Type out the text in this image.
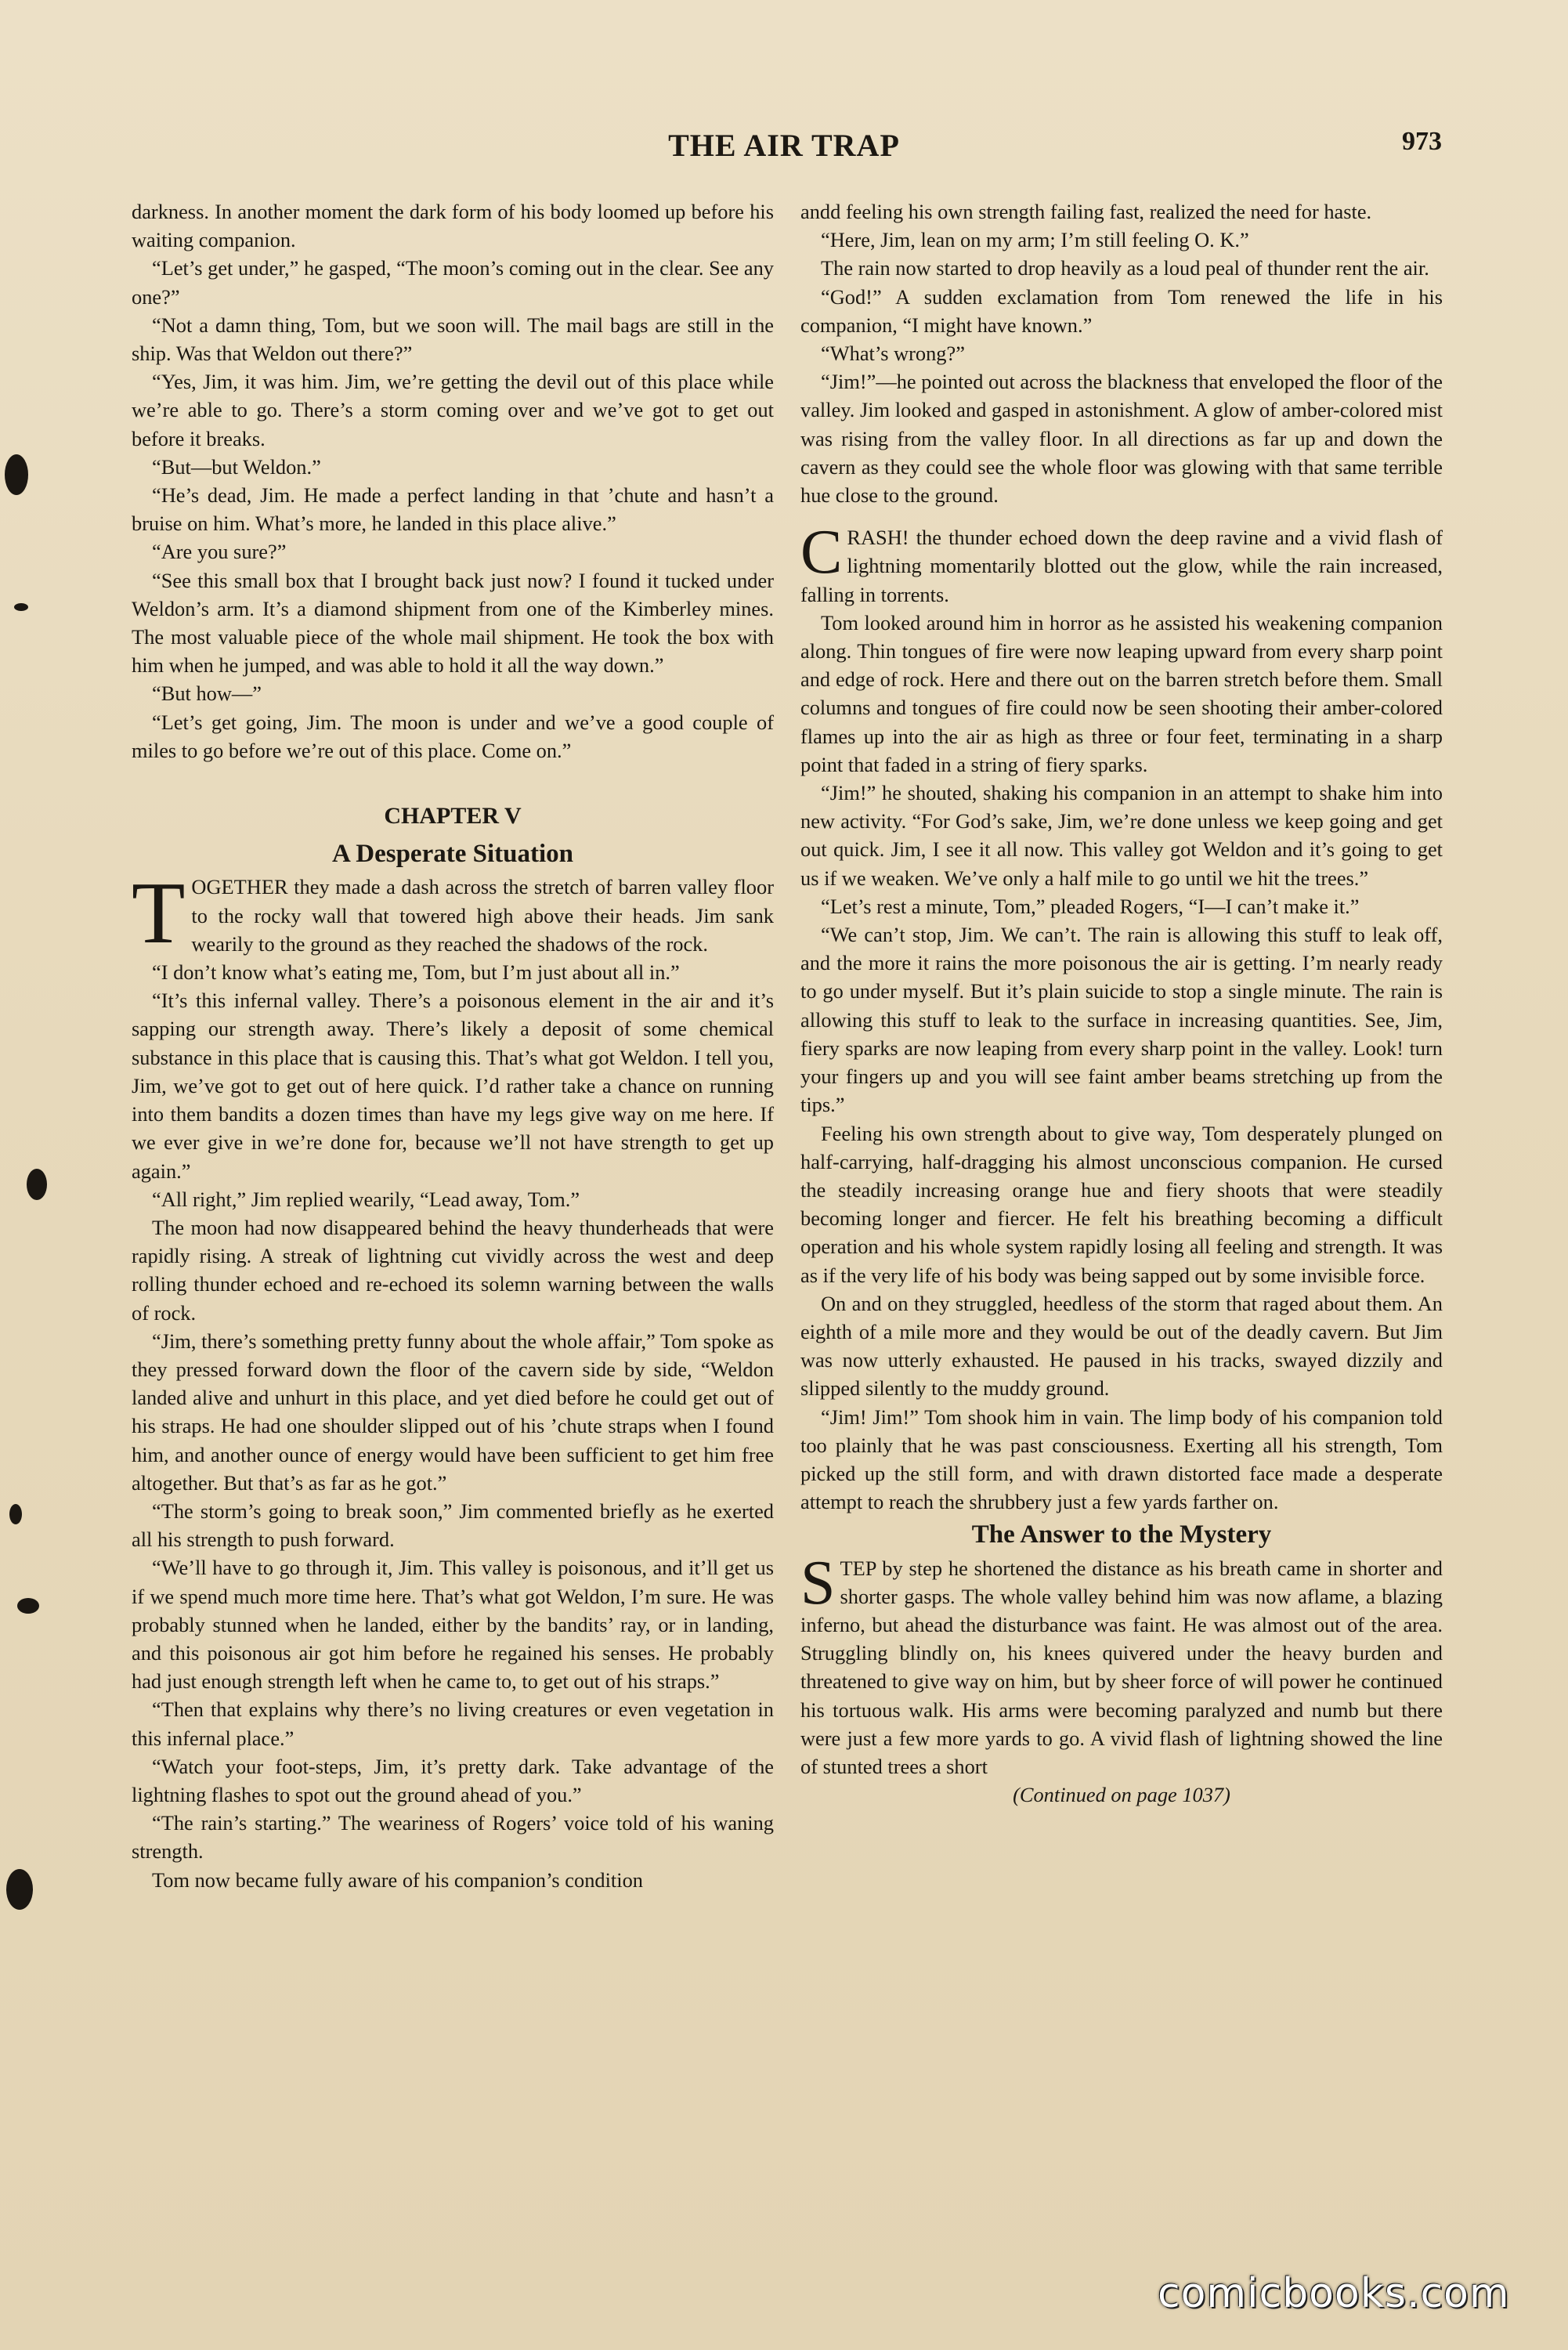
THE AIR TRAP	973

darkness. In another moment the dark form of his body loomed up before his waiting companion.

“Let’s get under,” he gasped, “The moon’s coming out in the clear. See any one?”

“Not a damn thing, Tom, but we soon will. The mail bags are still in the ship. Was that Weldon out there?”

“Yes, Jim, it was him. Jim, we’re getting the devil out of this place while we’re able to go. There’s a storm coming over and we’ve got to get out before it breaks.

“But—but Weldon.”

“He’s dead, Jim. He made a perfect landing in that ’chute and hasn’t a bruise on him. What’s more, he landed in this place alive.”

“Are you sure?”

“See this small box that I brought back just now? I found it tucked under Weldon’s arm. It’s a diamond shipment from one of the Kimberley mines. The most valuable piece of the whole mail shipment. He took the box with him when he jumped, and was able to hold it all the way down.”

“But how—”

“Let’s get going, Jim. The moon is under and we’ve a good couple of miles to go before we’re out of this place. Come on.”

CHAPTER V
A Desperate Situation

TOGETHER they made a dash across the stretch of barren valley floor to the rocky wall that towered high above their heads. Jim sank wearily to the ground as they reached the shadows of the rock.

“I don’t know what’s eating me, Tom, but I’m just about all in.”

“It’s this infernal valley. There’s a poisonous element in the air and it’s sapping our strength away. There’s likely a deposit of some chemical substance in this place that is causing this. That’s what got Weldon. I tell you, Jim, we’ve got to get out of here quick. I’d rather take a chance on running into them bandits a dozen times than have my legs give way on me here. If we ever give in we’re done for, because we’ll not have strength to get up again.”

“All right,” Jim replied wearily, “Lead away, Tom.”

The moon had now disappeared behind the heavy thunderheads that were rapidly rising. A streak of lightning cut vividly across the west and deep rolling thunder echoed and re-echoed its solemn warning between the walls of rock.

“Jim, there’s something pretty funny about the whole affair,” Tom spoke as they pressed forward down the floor of the cavern side by side, “Weldon landed alive and unhurt in this place, and yet died before he could get out of his straps. He had one shoulder slipped out of his ’chute straps when I found him, and another ounce of energy would have been sufficient to get him free altogether. But that’s as far as he got.”

“The storm’s going to break soon,” Jim commented briefly as he exerted all his strength to push forward.

“We’ll have to go through it, Jim. This valley is poisonous, and it’ll get us if we spend much more time here. That’s what got Weldon, I’m sure. He was probably stunned when he landed, either by the bandits’ ray, or in landing, and this poisonous air got him before he regained his senses. He probably had just enough strength left when he came to, to get out of his straps.”

“Then that explains why there’s no living creatures or even vegetation in this infernal place.”

“Watch your foot-steps, Jim, it’s pretty dark. Take advantage of the lightning flashes to spot out the ground ahead of you.”

“The rain’s starting.” The weariness of Rogers’ voice told of his waning strength.

Tom now became fully aware of his companion’s condition

andd feeling his own strength failing fast, realized the need for haste.

“Here, Jim, lean on my arm; I’m still feeling O. K.”

The rain now started to drop heavily as a loud peal of thunder rent the air.

“God!” A sudden exclamation from Tom renewed the life in his companion, “I might have known.”

“What’s wrong?”

“Jim!”—he pointed out across the blackness that enveloped the floor of the valley. Jim looked and gasped in astonishment. A glow of amber-colored mist was rising from the valley floor. In all directions as far up and down the cavern as they could see the whole floor was glowing with that same terrible hue close to the ground.

CRASH! the thunder echoed down the deep ravine and a vivid flash of lightning momentarily blotted out the glow, while the rain increased, falling in torrents.

Tom looked around him in horror as he assisted his weakening companion along. Thin tongues of fire were now leaping upward from every sharp point and edge of rock. Here and there out on the barren stretch before them. Small columns and tongues of fire could now be seen shooting their amber-colored flames up into the air as high as three or four feet, terminating in a sharp point that faded in a string of fiery sparks.

“Jim!” he shouted, shaking his companion in an attempt to shake him into new activity. “For God’s sake, Jim, we’re done unless we keep going and get out quick. Jim, I see it all now. This valley got Weldon and it’s going to get us if we weaken. We’ve only a half mile to go until we hit the trees.”

“Let’s rest a minute, Tom,” pleaded Rogers, “I—I can’t make it.”

“We can’t stop, Jim. We can’t. The rain is allowing this stuff to leak off, and the more it rains the more poisonous the air is getting. I’m nearly ready to go under myself. But it’s plain suicide to stop a single minute. The rain is allowing this stuff to leak to the surface in increasing quantities. See, Jim, fiery sparks are now leaping from every sharp point in the valley. Look! turn your fingers up and you will see faint amber beams stretching up from the tips.”

Feeling his own strength about to give way, Tom desperately plunged on half-carrying, half-dragging his almost unconscious companion. He cursed the steadily increasing orange hue and fiery shoots that were steadily becoming longer and fiercer. He felt his breathing becoming a difficult operation and his whole system rapidly losing all feeling and strength. It was as if the very life of his body was being sapped out by some invisible force.

On and on they struggled, heedless of the storm that raged about them. An eighth of a mile more and they would be out of the deadly cavern. But Jim was now utterly exhausted. He paused in his tracks, swayed dizzily and slipped silently to the muddy ground.

“Jim! Jim!” Tom shook him in vain. The limp body of his companion told too plainly that he was past consciousness. Exerting all his strength, Tom picked up the still form, and with drawn distorted face made a desperate attempt to reach the shrubbery just a few yards farther on.

The Answer to the Mystery

STEP by step he shortened the distance as his breath came in shorter and shorter gasps. The whole valley behind him was now aflame, a blazing inferno, but ahead the disturbance was faint. He was almost out of the area. Struggling blindly on, his knees quivered under the heavy burden and threatened to give way on him, but by sheer force of will power he continued his tortuous walk. His arms were becoming paralyzed and numb but there were just a few more yards to go. A vivid flash of lightning showed the line of stunted trees a short

(Continued on page 1037)

comicbooks.com
